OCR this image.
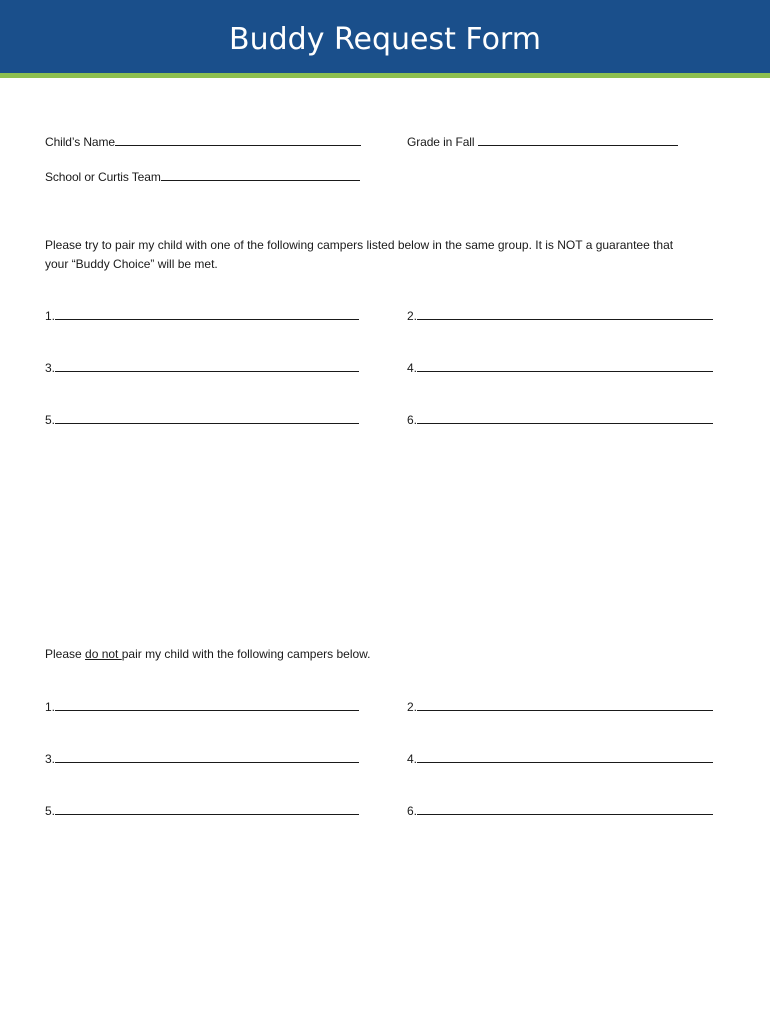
Buddy Request Form
Child’s Name	Grade in Fall
School or Curtis Team
Please try to pair my child with one of the following campers listed below in the same group. It is NOT a guarantee that
your “Buddy Choice” will be met.
1.	2.
3.	4.
5.	6.
Please do not pair my child with the following campers below.
1.	2.
3.	4.
5.	6.
